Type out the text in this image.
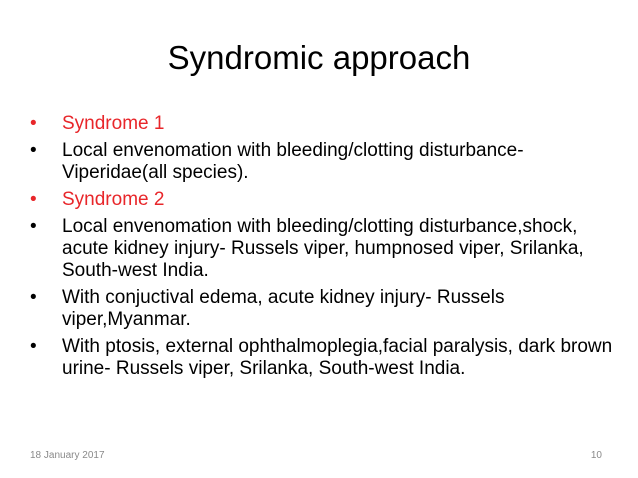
Syndromic approach
•	Syndrome 1
•	Local envenomation with bleeding/clotting disturbance- Viperidae(all species).
•	Syndrome 2
•	Local envenomation with bleeding/clotting disturbance,shock, acute kidney injury- Russels viper, humpnosed viper, Srilanka, South-west India.
•	With conjuctival edema, acute kidney injury- Russels viper,Myanmar.
•	With ptosis, external ophthalmoplegia,facial paralysis, dark brown urine- Russels viper, Srilanka, South-west India.
18 January 2017	10
